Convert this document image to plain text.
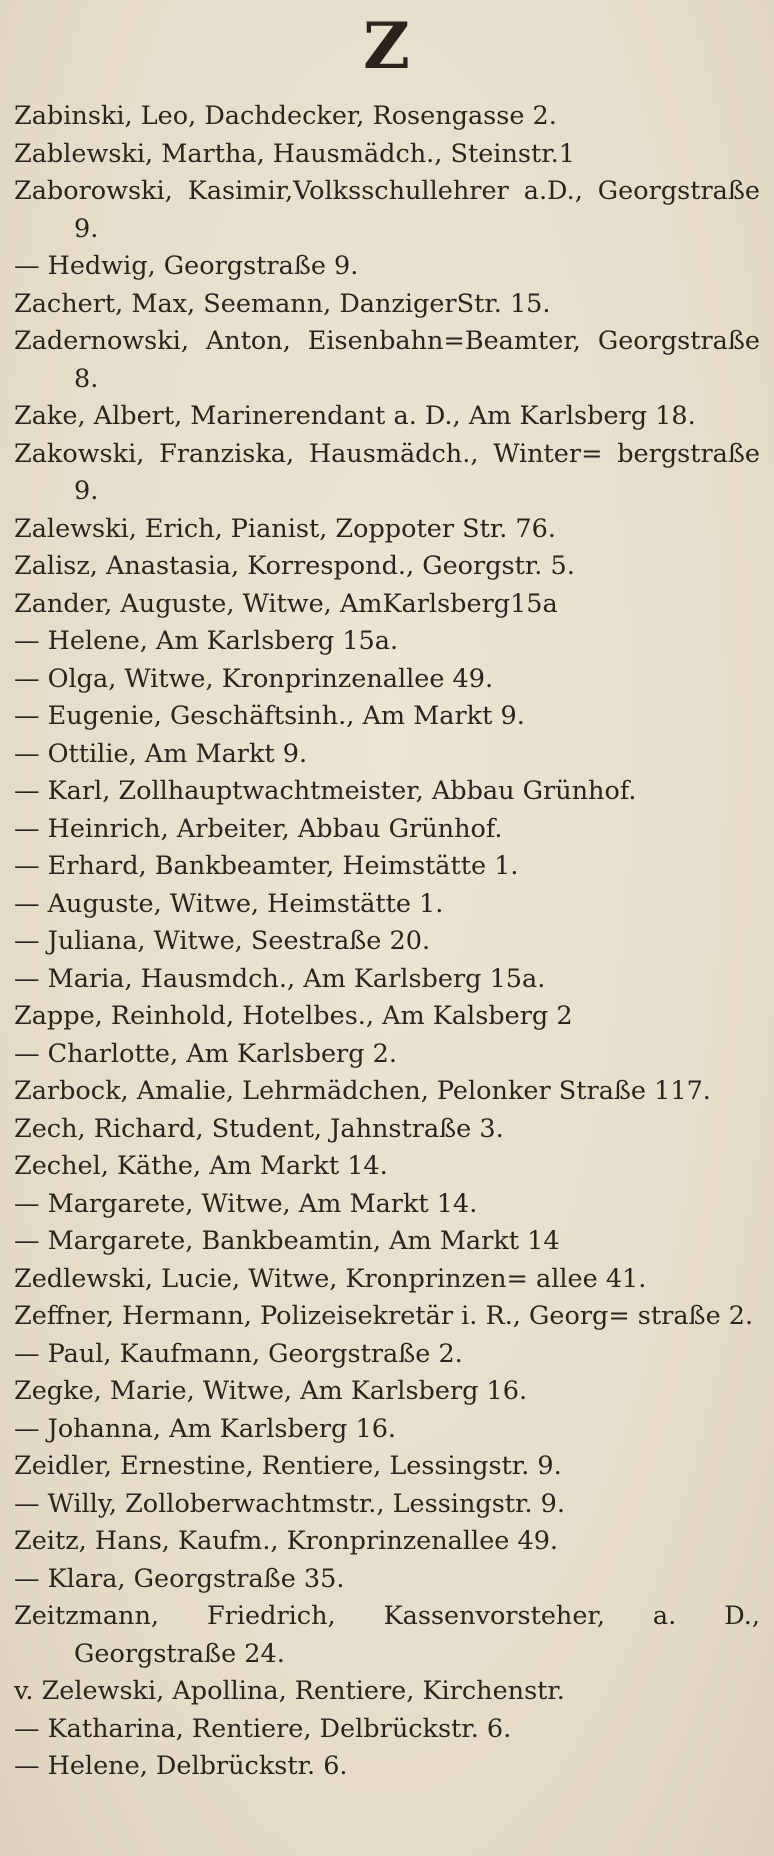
Z
Zabinski, Leo, Dachdecker, Rosengasse 2.
Zablewski, Martha, Hausmädch., Steinstr.1
Zaborowski, Kasimir,Volksschullehrer a.D., Georgstraße 9.
— Hedwig, Georgstraße 9.
Zachert, Max, Seemann, DanzigerStr. 15.
Zadernowski, Anton, Eisenbahn=Beamter, Georgstraße 8.
Zake, Albert, Marinerendant a. D., Am Karlsberg 18.
Zakowski, Franziska, Hausmädch., Winter= bergstraße 9.
Zalewski, Erich, Pianist, Zoppoter Str. 76.
Zalisz, Anastasia, Korrespond., Georgstr. 5.
Zander, Auguste, Witwe, AmKarlsberg15a
— Helene, Am Karlsberg 15a.
— Olga, Witwe, Kronprinzenallee 49.
— Eugenie, Geschäftsinh., Am Markt 9.
— Ottilie, Am Markt 9.
— Karl, Zollhauptwachtmeister, Abbau Grünhof.
— Heinrich, Arbeiter, Abbau Grünhof.
— Erhard, Bankbeamter, Heimstätte 1.
— Auguste, Witwe, Heimstätte 1.
— Juliana, Witwe, Seestraße 20.
— Maria, Hausmdch., Am Karlsberg 15a.
Zappe, Reinhold, Hotelbes., Am Kalsberg 2
— Charlotte, Am Karlsberg 2.
Zarbock, Amalie, Lehrmädchen, Pelonker Straße 117.
Zech, Richard, Student, Jahnstraße 3.
Zechel, Käthe, Am Markt 14.
— Margarete, Witwe, Am Markt 14.
— Margarete, Bankbeamtin, Am Markt 14
Zedlewski, Lucie, Witwe, Kronprinzen= allee 41.
Zeffner, Hermann, Polizeisekretär i. R., Georg= straße 2.
— Paul, Kaufmann, Georgstraße 2.
Zegke, Marie, Witwe, Am Karlsberg 16.
— Johanna, Am Karlsberg 16.
Zeidler, Ernestine, Rentiere, Lessingstr. 9.
— Willy, Zolloberwachtmstr., Lessingstr. 9.
Zeitz, Hans, Kaufm., Kronprinzenallee 49.
— Klara, Georgstraße 35.
Zeitzmann, Friedrich, Kassenvorsteher, a. D., Georgstraße 24.
v. Zelewski, Apollina, Rentiere, Kirchenstr.
— Katharina, Rentiere, Delbrückstr. 6.
— Helene, Delbrückstr. 6.
